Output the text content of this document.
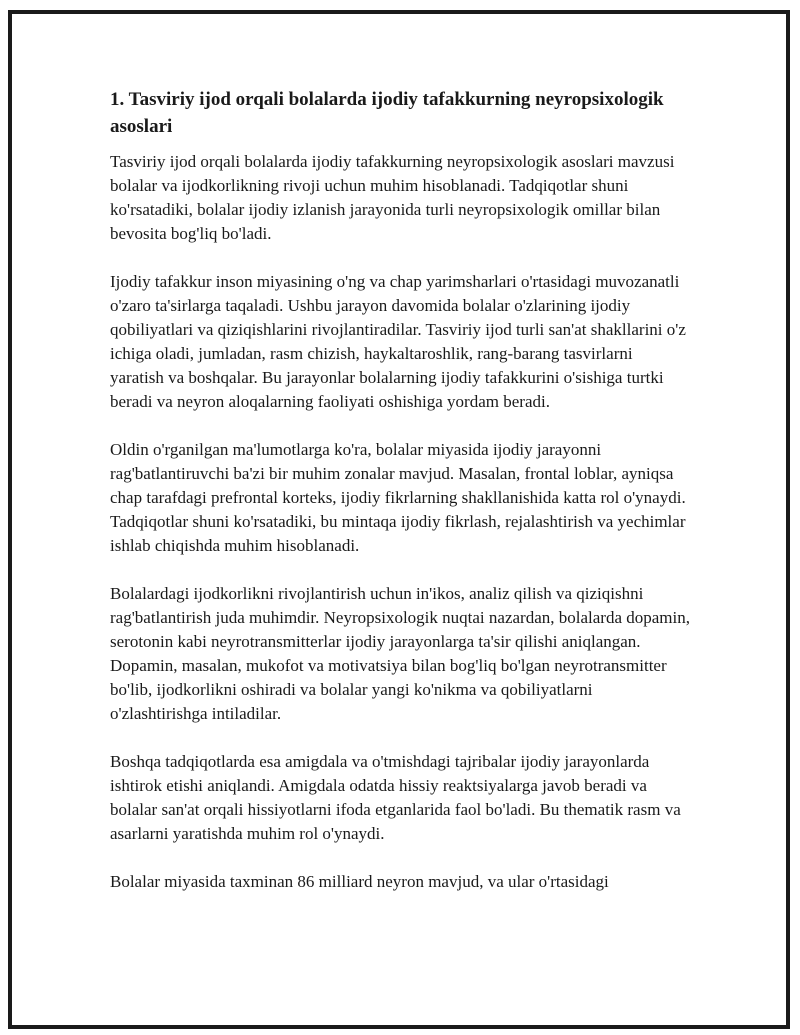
1. Tasviriy ijod orqali bolalarda ijodiy tafakkurning neyropsixologik asoslari
Tasviriy ijod orqali bolalarda ijodiy tafakkurning neyropsixologik asoslari mavzusi bolalar va ijodkorlikning rivoji uchun muhim hisoblanadi. Tadqiqotlar shuni ko'rsatadiki, bolalar ijodiy izlanish jarayonida turli neyropsixologik omillar bilan bevosita bog'liq bo'ladi.
Ijodiy tafakkur inson miyasining o'ng va chap yarimsharlari o'rtasidagi muvozanatli o'zaro ta'sirlarga taqaladi. Ushbu jarayon davomida bolalar o'zlarining ijodiy qobiliyatlari va qiziqishlarini rivojlantiradilar. Tasviriy ijod turli san'at shakllarini o'z ichiga oladi, jumladan, rasm chizish, haykaltaroshlik, rang-barang tasvirlarni yaratish va boshqalar. Bu jarayonlar bolalarning ijodiy tafakkurini o'sishiga turtki beradi va neyron aloqalarning faoliyati oshishiga yordam beradi.
Oldin o'rganilgan ma'lumotlarga ko'ra, bolalar miyasida ijodiy jarayonni rag'batlantiruvchi ba'zi bir muhim zonalar mavjud. Masalan, frontal loblar, ayniqsa chap tarafdagi prefrontal korteks, ijodiy fikrlarning shakllanishida katta rol o'ynaydi. Tadqiqotlar shuni ko'rsatadiki, bu mintaqa ijodiy fikrlash, rejalashtirish va yechimlar ishlab chiqishda muhim hisoblanadi.
Bolalardagi ijodkorlikni rivojlantirish uchun in'ikos, analiz qilish va qiziqishni rag'batlantirish juda muhimdir. Neyropsixologik nuqtai nazardan, bolalarda dopamin, serotonin kabi neyrotransmitterlar ijodiy jarayonlarga ta'sir qilishi aniqlangan. Dopamin, masalan, mukofot va motivatsiya bilan bog'liq bo'lgan neyrotransmitter bo'lib, ijodkorlikni oshiradi va bolalar yangi ko'nikma va qobiliyatlarni o'zlashtirishga intiladilar.
Boshqa tadqiqotlarda esa amigdala va o'tmishdagi tajribalar ijodiy jarayonlarda ishtirok etishi aniqlandi. Amigdala odatda hissiy reaktsiyalarga javob beradi va bolalar san'at orqali hissiyotlarni ifoda etganlarida faol bo'ladi. Bu thematik rasm va asarlarni yaratishda muhim rol o'ynaydi.
Bolalar miyasida taxminan 86 milliard neyron mavjud, va ular o'rtasidagi
